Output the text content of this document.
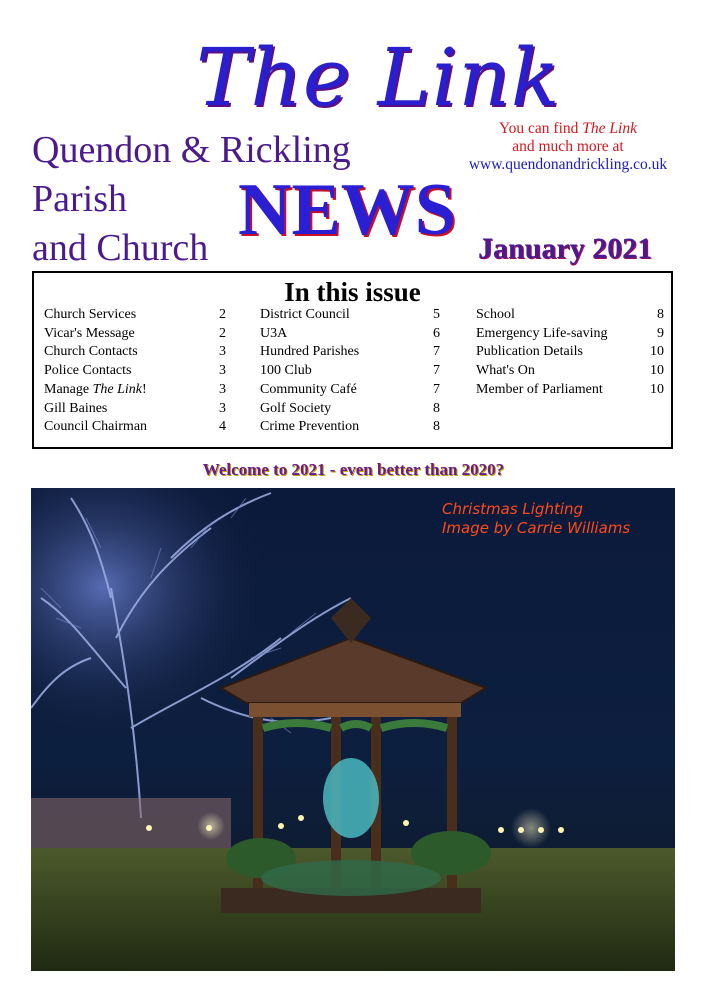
The Link
Quendon & Rickling
Parish
and Church NEWS
You can find The Link
and much more at
www.quendonandrickling.co.uk
January 2021
In this issue
Church Services	2
Vicar's Message	2
Church Contacts	3
Police Contacts	3
Manage The Link!	3
Gill Baines	3
Council Chairman	4
District Council	5
U3A	6
Hundred Parishes	7
100 Club	7
Community Café	7
Golf Society	8
Crime Prevention	8
School	8
Emergency Life-saving	9
Publication Details	10
What's On	10
Member of Parliament	10
Welcome to 2021 - even better than 2020?
Christmas Lighting
Image by Carrie Williams
